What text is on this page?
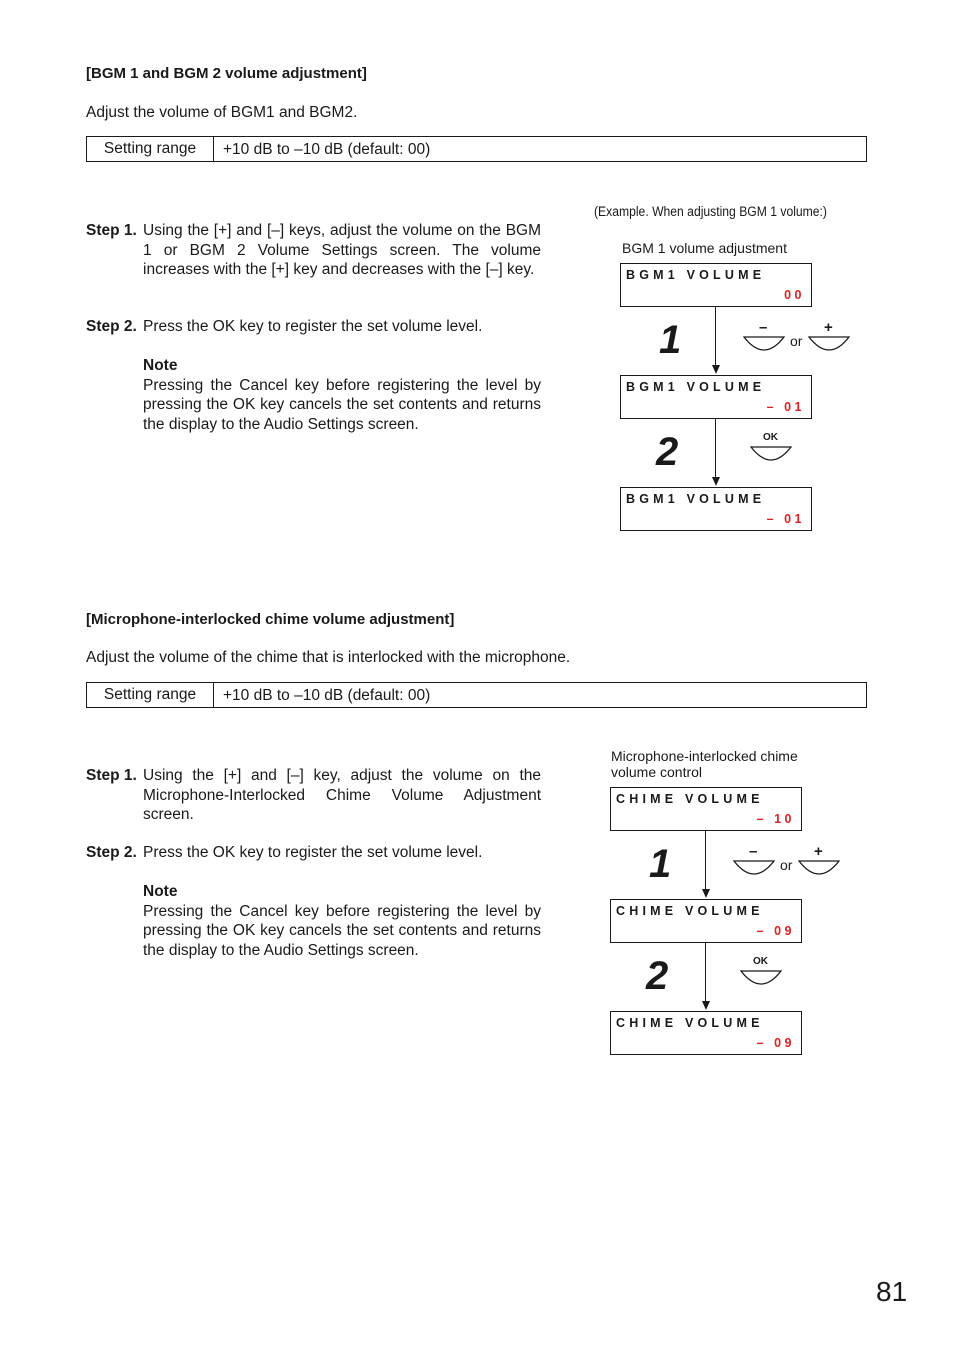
[BGM 1 and BGM 2 volume adjustment]
Adjust the volume of BGM1 and BGM2.
Setting range	+10 dB to –10 dB (default: 00)
Step 1. Using the [+] and [–] keys, adjust the volume on the BGM 1 or BGM 2 Volume Settings screen. The volume increases with the [+] key and decreases with the [–] key.
Step 2. Press the OK key to register the set volume level.
Note
Pressing the Cancel key before registering the level by pressing the OK key cancels the set contents and returns the display to the Audio Settings screen.
(Example. When adjusting BGM 1 volume:)
BGM 1 volume adjustment
BGM1 VOLUME
00
1	–
or
+
BGM1 VOLUME
– 01
2	OK
BGM1 VOLUME
– 01
[Microphone-interlocked chime volume adjustment]
Adjust the volume of the chime that is interlocked with the microphone.
Setting range	+10 dB to –10 dB (default: 00)
Step 1. Using the [+] and [–] key, adjust the volume on the Microphone-Interlocked Chime Volume Adjustment screen.
Step 2. Press the OK key to register the set volume level.
Note
Pressing the Cancel key before registering the level by pressing the OK key cancels the set contents and returns the display to the Audio Settings screen.
Microphone-interlocked chime
volume control
CHIME VOLUME
– 10
1	–
or
+
CHIME VOLUME
– 09
2	OK
CHIME VOLUME
– 09
81
